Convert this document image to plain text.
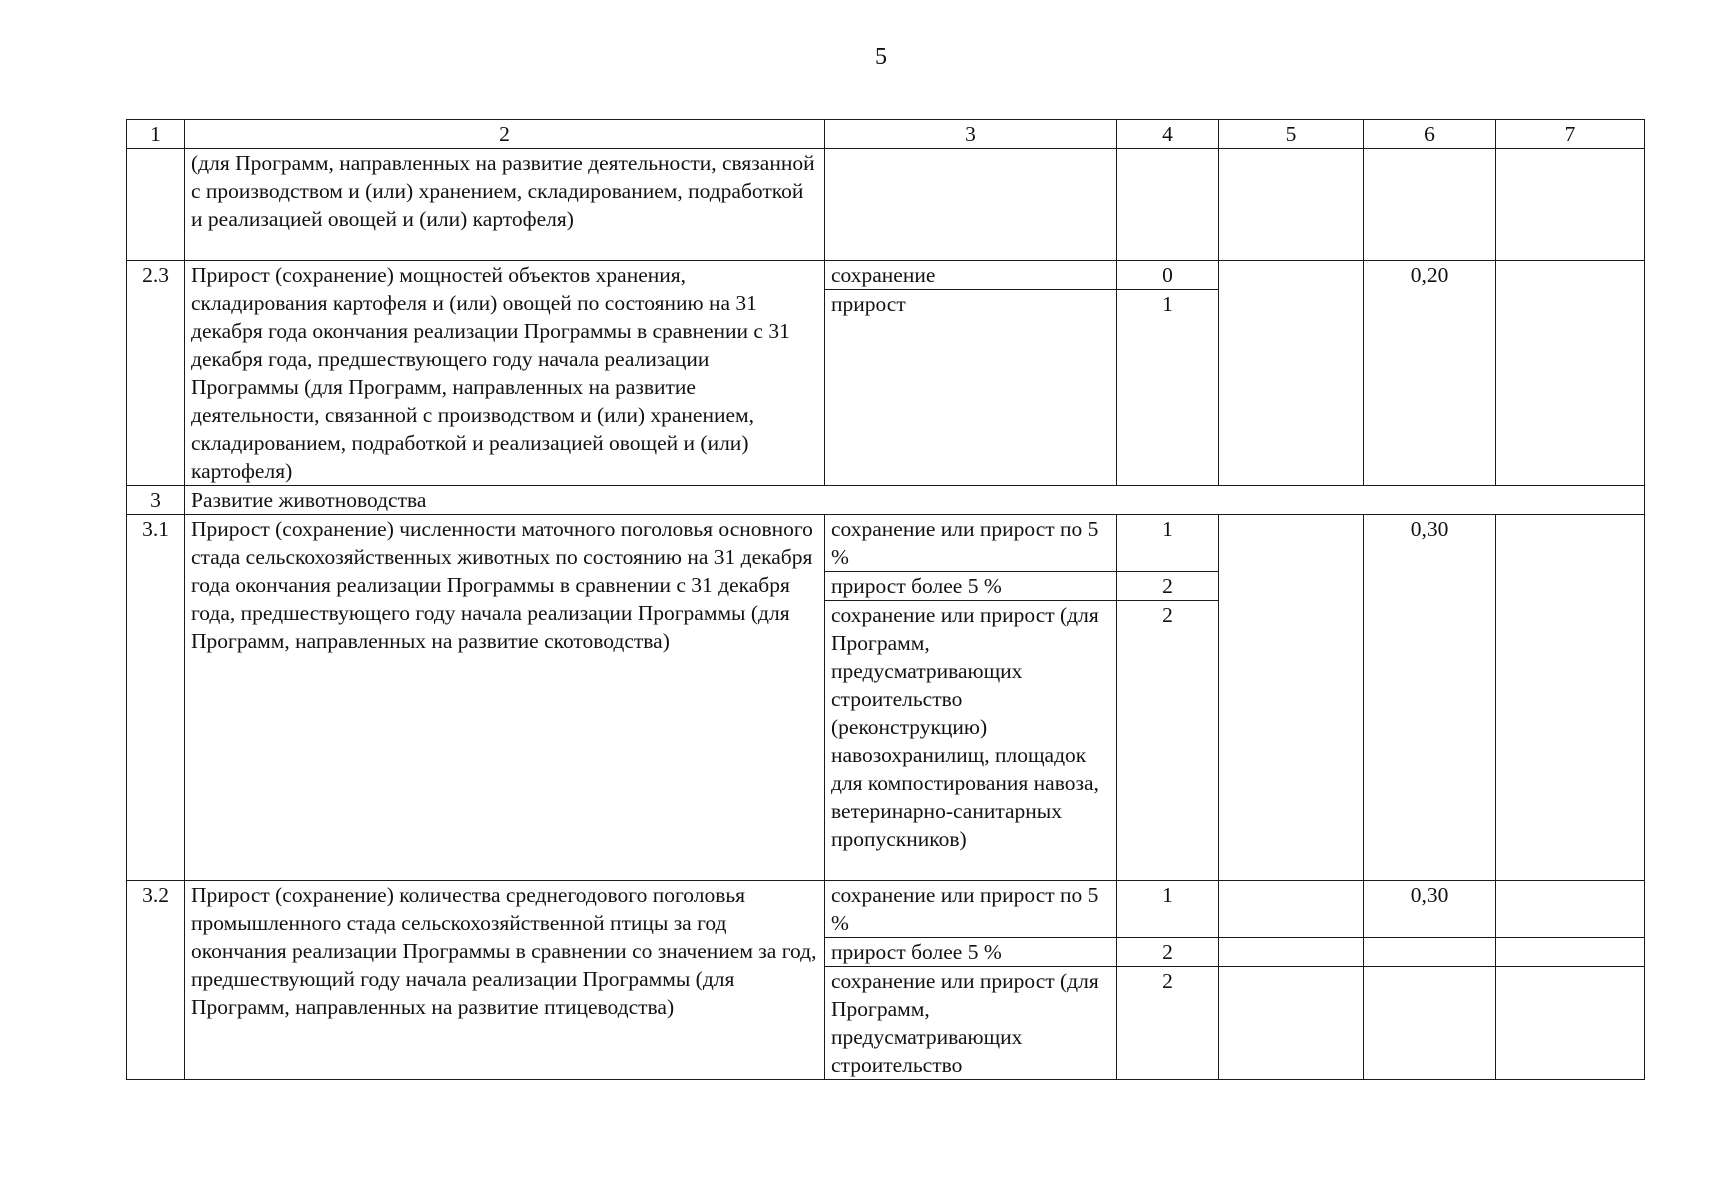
5
1	2	3	4	5	6	7
	(для Программ, направленных на развитие деятельности, связанной с производством и (или) хранением, складированием, подработкой и реализацией овощей и (или) картофеля)					
2.3	Прирост (сохранение) мощностей объектов хранения, складирования картофеля и (или) овощей по состоянию на 31 декабря года окончания реализации Программы в сравнении с 31 декабря года, предшествующего году начала реализации Программы (для Программ, направленных на развитие деятельности, связанной с производством и (или) хранением, складированием, подработкой и реализацией овощей и (или) картофеля)	сохранение	0		0,20	
		прирост	1			
3	Развитие животноводства					
3.1	Прирост (сохранение) численности маточного поголовья основного стада сельскохозяйственных животных по состоянию на 31 декабря года окончания реализации Программы в сравнении с 31 декабря года, предшествующего году начала реализации Программы (для Программ, направленных на развитие скотоводства)	сохранение или прирост по 5 %	1		0,30	
		прирост более 5 %	2			
		сохранение или прирост (для Программ, предусматривающих строительство (реконструкцию) навозохранилищ, площадок для компостирования навоза, ветеринарно-санитарных пропускников)	2			
3.2	Прирост (сохранение) количества среднегодового поголовья промышленного стада сельскохозяйственной птицы за год окончания реализации Программы в сравнении со значением за год, предшествующий году начала реализации Программы (для Программ, направленных на развитие птицеводства)	сохранение или прирост по 5 %	1		0,30	
		прирост более 5 %	2			
		сохранение или прирост (для Программ, предусматривающих строительство	2			
